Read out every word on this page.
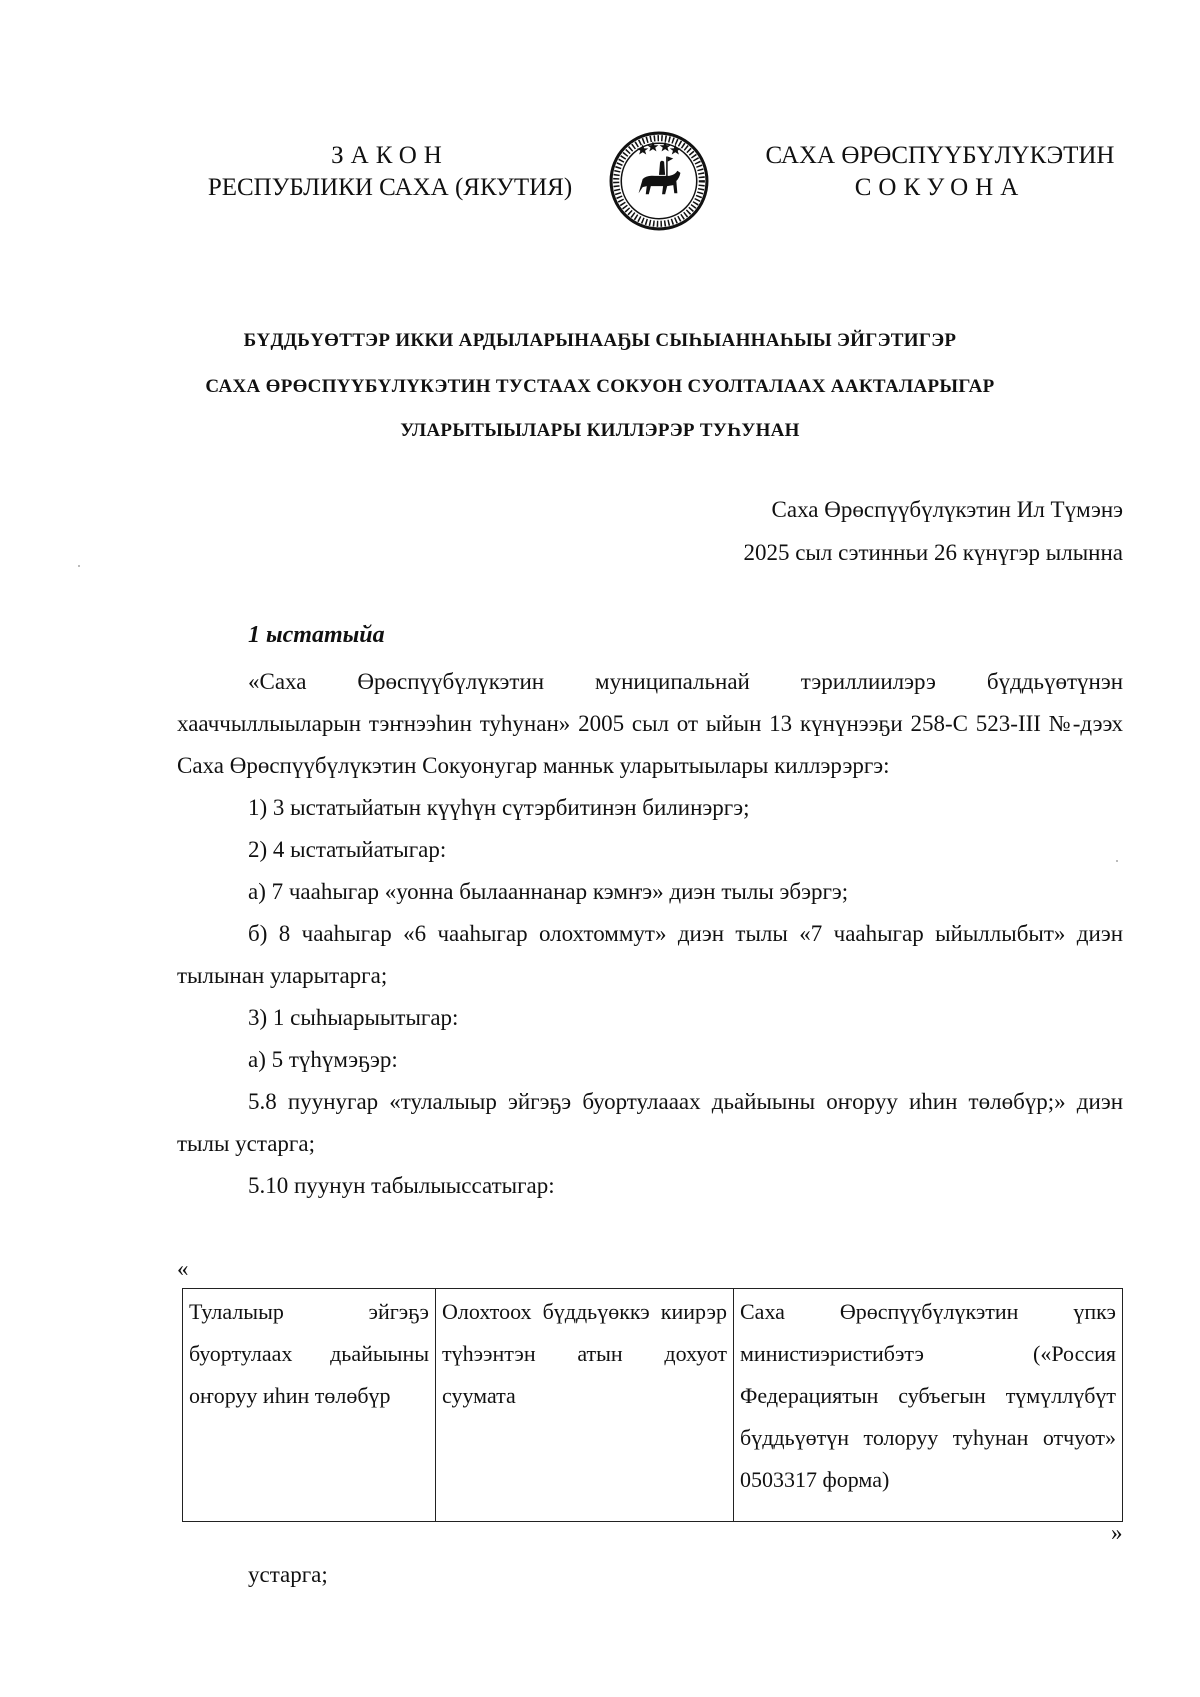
ЗАКОН
РЕСПУБЛИКИ САХА (ЯКУТИЯ)
САХА ӨРӨСПҮҮБҮЛҮКЭТИН
СОКУОНА
БҮДДЬҮӨТТЭР ИККИ АРДЫЛАРЫНААҔЫ СЫҺЫАННАҺЫЫ ЭЙГЭТИГЭР
САХА ӨРӨСПҮҮБҮЛҮКЭТИН ТУСТААХ СОКУОН СУОЛТАЛААХ ААКТАЛАРЫГАР
УЛАРЫТЫЫЛАРЫ КИЛЛЭРЭР ТУҺУНАН
Саха Өрөспүүбүлүкэтин Ил Түмэнэ
2025 сыл сэтинньи 26 күнүгэр ылынна
1 ыстатыйа

«Саха Өрөспүүбүлүкэтин муниципальнай тэриллиилэрэ бүддьүөтүнэн хааччыллыыларын тэҥнээһин туһунан» 2005 сыл от ыйын 13 күнүнээҕи 258-С 523-III №-дээх Саха Өрөспүүбүлүкэтин Сокуонугар манньк уларытыылары киллэрэргэ:

1) 3 ыстатыйатын күүһүн сүтэрбитинэн билинэргэ;

2) 4 ыстатыйатыгар:

а) 7 чааһыгар «уонна былааннанар кэмҥэ» диэн тылы эбэргэ;

б) 8 чааһыгар «6 чааһыгар олохтоммут» диэн тылы «7 чааһыгар ыйыллыбыт» диэн тылынан уларытарга;

3) 1 сыһыарыытыгар:

а) 5 түһүмэҕэр:

5.8 пуунугар «тулалыыр эйгэҕэ буортулааах дьайыыны оҥоруу иһин төлөбүр;» диэн тылы устарга;

5.10 пуунун табылыыссатыгар:

«
Тулалыыр эйгэҕэ буортулаах дьайыыны оҥоруу иһин төлөбүр	Олохтоох бүддьүөккэ киирэр түһээнтэн атын дохуот суумата	Саха Өрөспүүбүлүкэтин үпкэ министиэристибэтэ («Россия Федерациятын субъегын түмүллүбүт бүддьүөтүн толоруу туһунан отчуот» 0503317 форма)
»
устарга;
